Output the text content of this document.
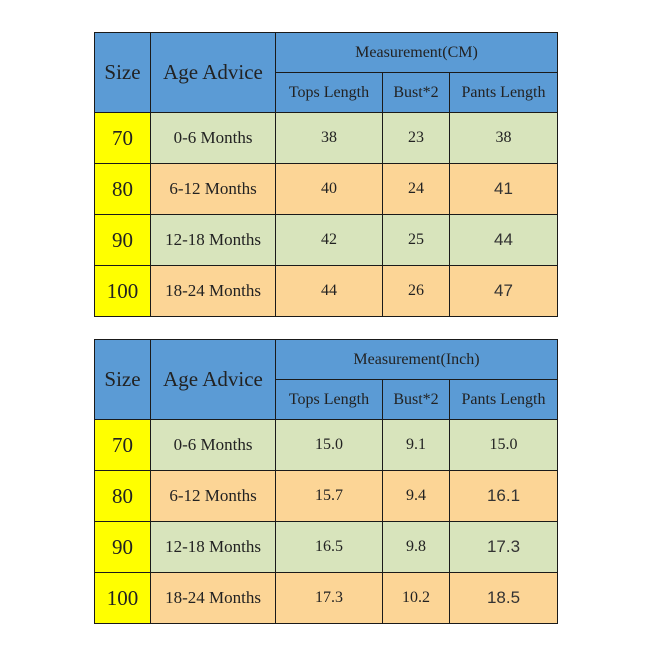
Size	Age Advice	Measurement(CM)		
		Tops Length	Bust*2	Pants Length
70	0-6 Months	38	23	38
80	6-12 Months	40	24	41
90	12-18 Months	42	25	44
100	18-24 Months	44	26	47
Size	Age Advice	Measurement(Inch)		
		Tops Length	Bust*2	Pants Length
70	0-6 Months	15.0	9.1	15.0
80	6-12 Months	15.7	9.4	16.1
90	12-18 Months	16.5	9.8	17.3
100	18-24 Months	17.3	10.2	18.5
